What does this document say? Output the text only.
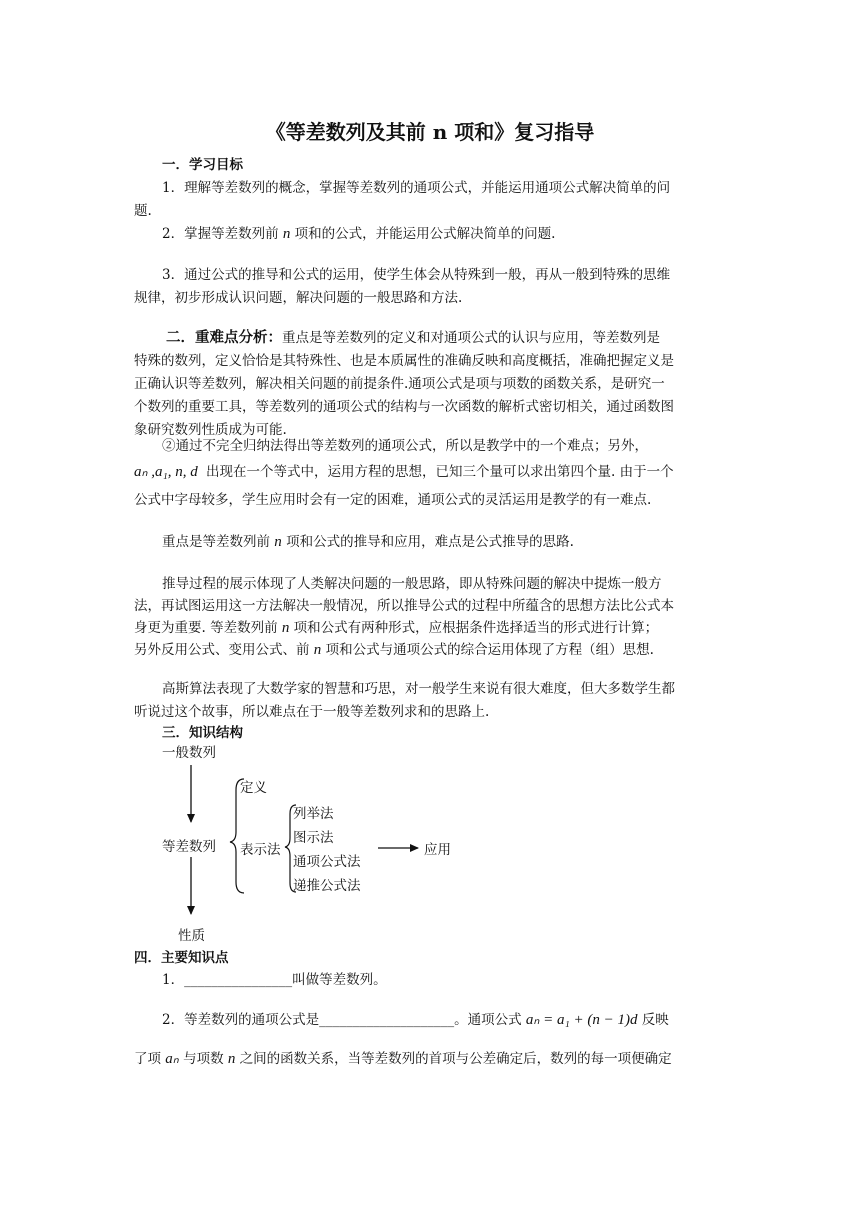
《等差数列及其前 n 项和》复习指导
一．学习目标
1．理解等差数列的概念，掌握等差数列的通项公式，并能运用通项公式解决简单的问
题.
2．掌握等差数列前 n 项和的公式，并能运用公式解决简单的问题.
3．通过公式的推导和公式的运用，使学生体会从特殊到一般，再从一般到特殊的思维
规律，初步形成认识问题，解决问题的一般思路和方法.
二．重难点分析：重点是等差数列的定义和对通项公式的认识与应用，等差数列是
特殊的数列，定义恰恰是其特殊性、也是本质属性的准确反映和高度概括，准确把握定义是
正确认识等差数列，解决相关问题的前提条件.通项公式是项与项数的函数关系，是研究一
个数列的重要工具，等差数列的通项公式的结构与一次函数的解析式密切相关，通过函数图
象研究数列性质成为可能.
②通过不完全归纳法得出等差数列的通项公式，所以是教学中的一个难点；另外，
aₙ ,a₁, n, d 出现在一个等式中，运用方程的思想，已知三个量可以求出第四个量. 由于一个
公式中字母较多，学生应用时会有一定的困难，通项公式的灵活运用是教学的有一难点.
重点是等差数列前 n 项和公式的推导和应用，难点是公式推导的思路.
推导过程的展示体现了人类解决问题的一般思路，即从特殊问题的解决中提炼一般方
法，再试图运用这一方法解决一般情况，所以推导公式的过程中所蕴含的思想方法比公式本
身更为重要. 等差数列前 n 项和公式有两种形式，应根据条件选择适当的形式进行计算；
另外反用公式、变用公式、前 n 项和公式与通项公式的综合运用体现了方程（组）思想.
高斯算法表现了大数学家的智慧和巧思，对一般学生来说有很大难度，但大多数学生都
听说过这个故事，所以难点在于一般等差数列求和的思路上.
三．知识结构
一般数列
等差数列
性质
定义
表示法
列举法
图示法
通项公式法
递推公式法
应用
四．主要知识点
1．________________叫做等差数列。
2．等差数列的通项公式是____________________。通项公式 aₙ = a₁ + (n − 1)d 反映
了项 aₙ 与项数 n 之间的函数关系，当等差数列的首项与公差确定后，数列的每一项便确定
